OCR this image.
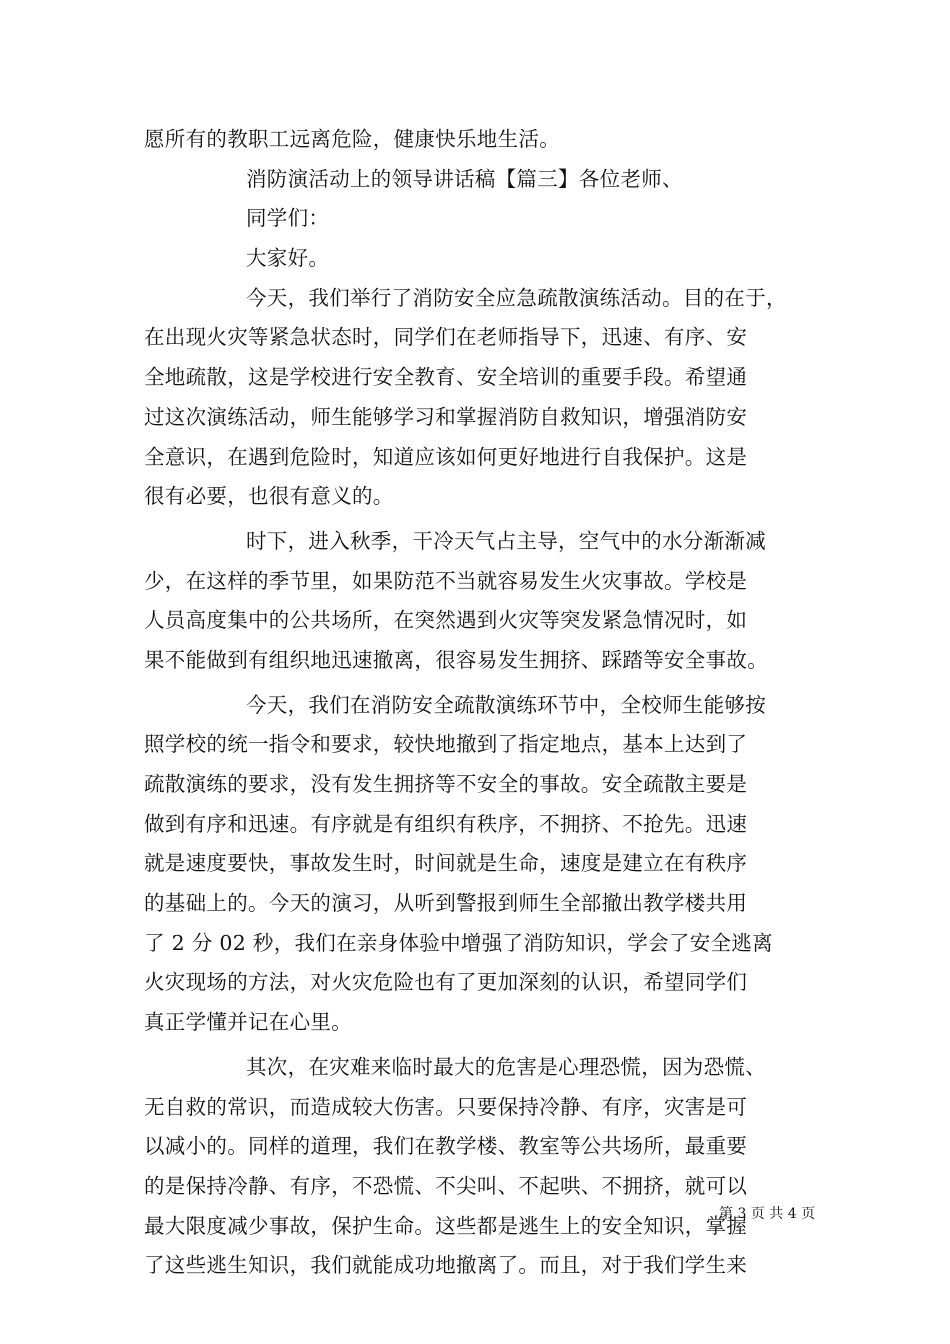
愿所有的教职工远离危险，健康快乐地生活。

消防演活动上的领导讲话稿【篇三】各位老师、

同学们：

大家好。

今天，我们举行了消防安全应急疏散演练活动。目的在于，

在出现火灾等紧急状态时，同学们在老师指导下，迅速、有序、安

全地疏散，这是学校进行安全教育、安全培训的重要手段。希望通

过这次演练活动，师生能够学习和掌握消防自救知识，增强消防安

全意识，在遇到危险时，知道应该如何更好地进行自我保护。这是

很有必要，也很有意义的。

时下，进入秋季，干冷天气占主导，空气中的水分渐渐减

少，在这样的季节里，如果防范不当就容易发生火灾事故。学校是

人员高度集中的公共场所，在突然遇到火灾等突发紧急情况时，如

果不能做到有组织地迅速撤离，很容易发生拥挤、踩踏等安全事故。

今天，我们在消防安全疏散演练环节中，全校师生能够按

照学校的统一指令和要求，较快地撤到了指定地点，基本上达到了

疏散演练的要求，没有发生拥挤等不安全的事故。安全疏散主要是

做到有序和迅速。有序就是有组织有秩序，不拥挤、不抢先。迅速

就是速度要快，事故发生时，时间就是生命，速度是建立在有秩序

的基础上的。今天的演习，从听到警报到师生全部撤出教学楼共用

了 2 分 02 秒，我们在亲身体验中增强了消防知识，学会了安全逃离

火灾现场的方法，对火灾危险也有了更加深刻的认识，希望同学们

真正学懂并记在心里。

其次，在灾难来临时最大的危害是心理恐慌，因为恐慌、

无自救的常识，而造成较大伤害。只要保持冷静、有序，灾害是可

以减小的。同样的道理，我们在教学楼、教室等公共场所，最重要

的是保持冷静、有序，不恐慌、不尖叫、不起哄、不拥挤，就可以

最大限度减少事故，保护生命。这些都是逃生上的安全知识，掌握

了这些逃生知识，我们就能成功地撤离了。而且，对于我们学生来

第 3 页 共 4 页
